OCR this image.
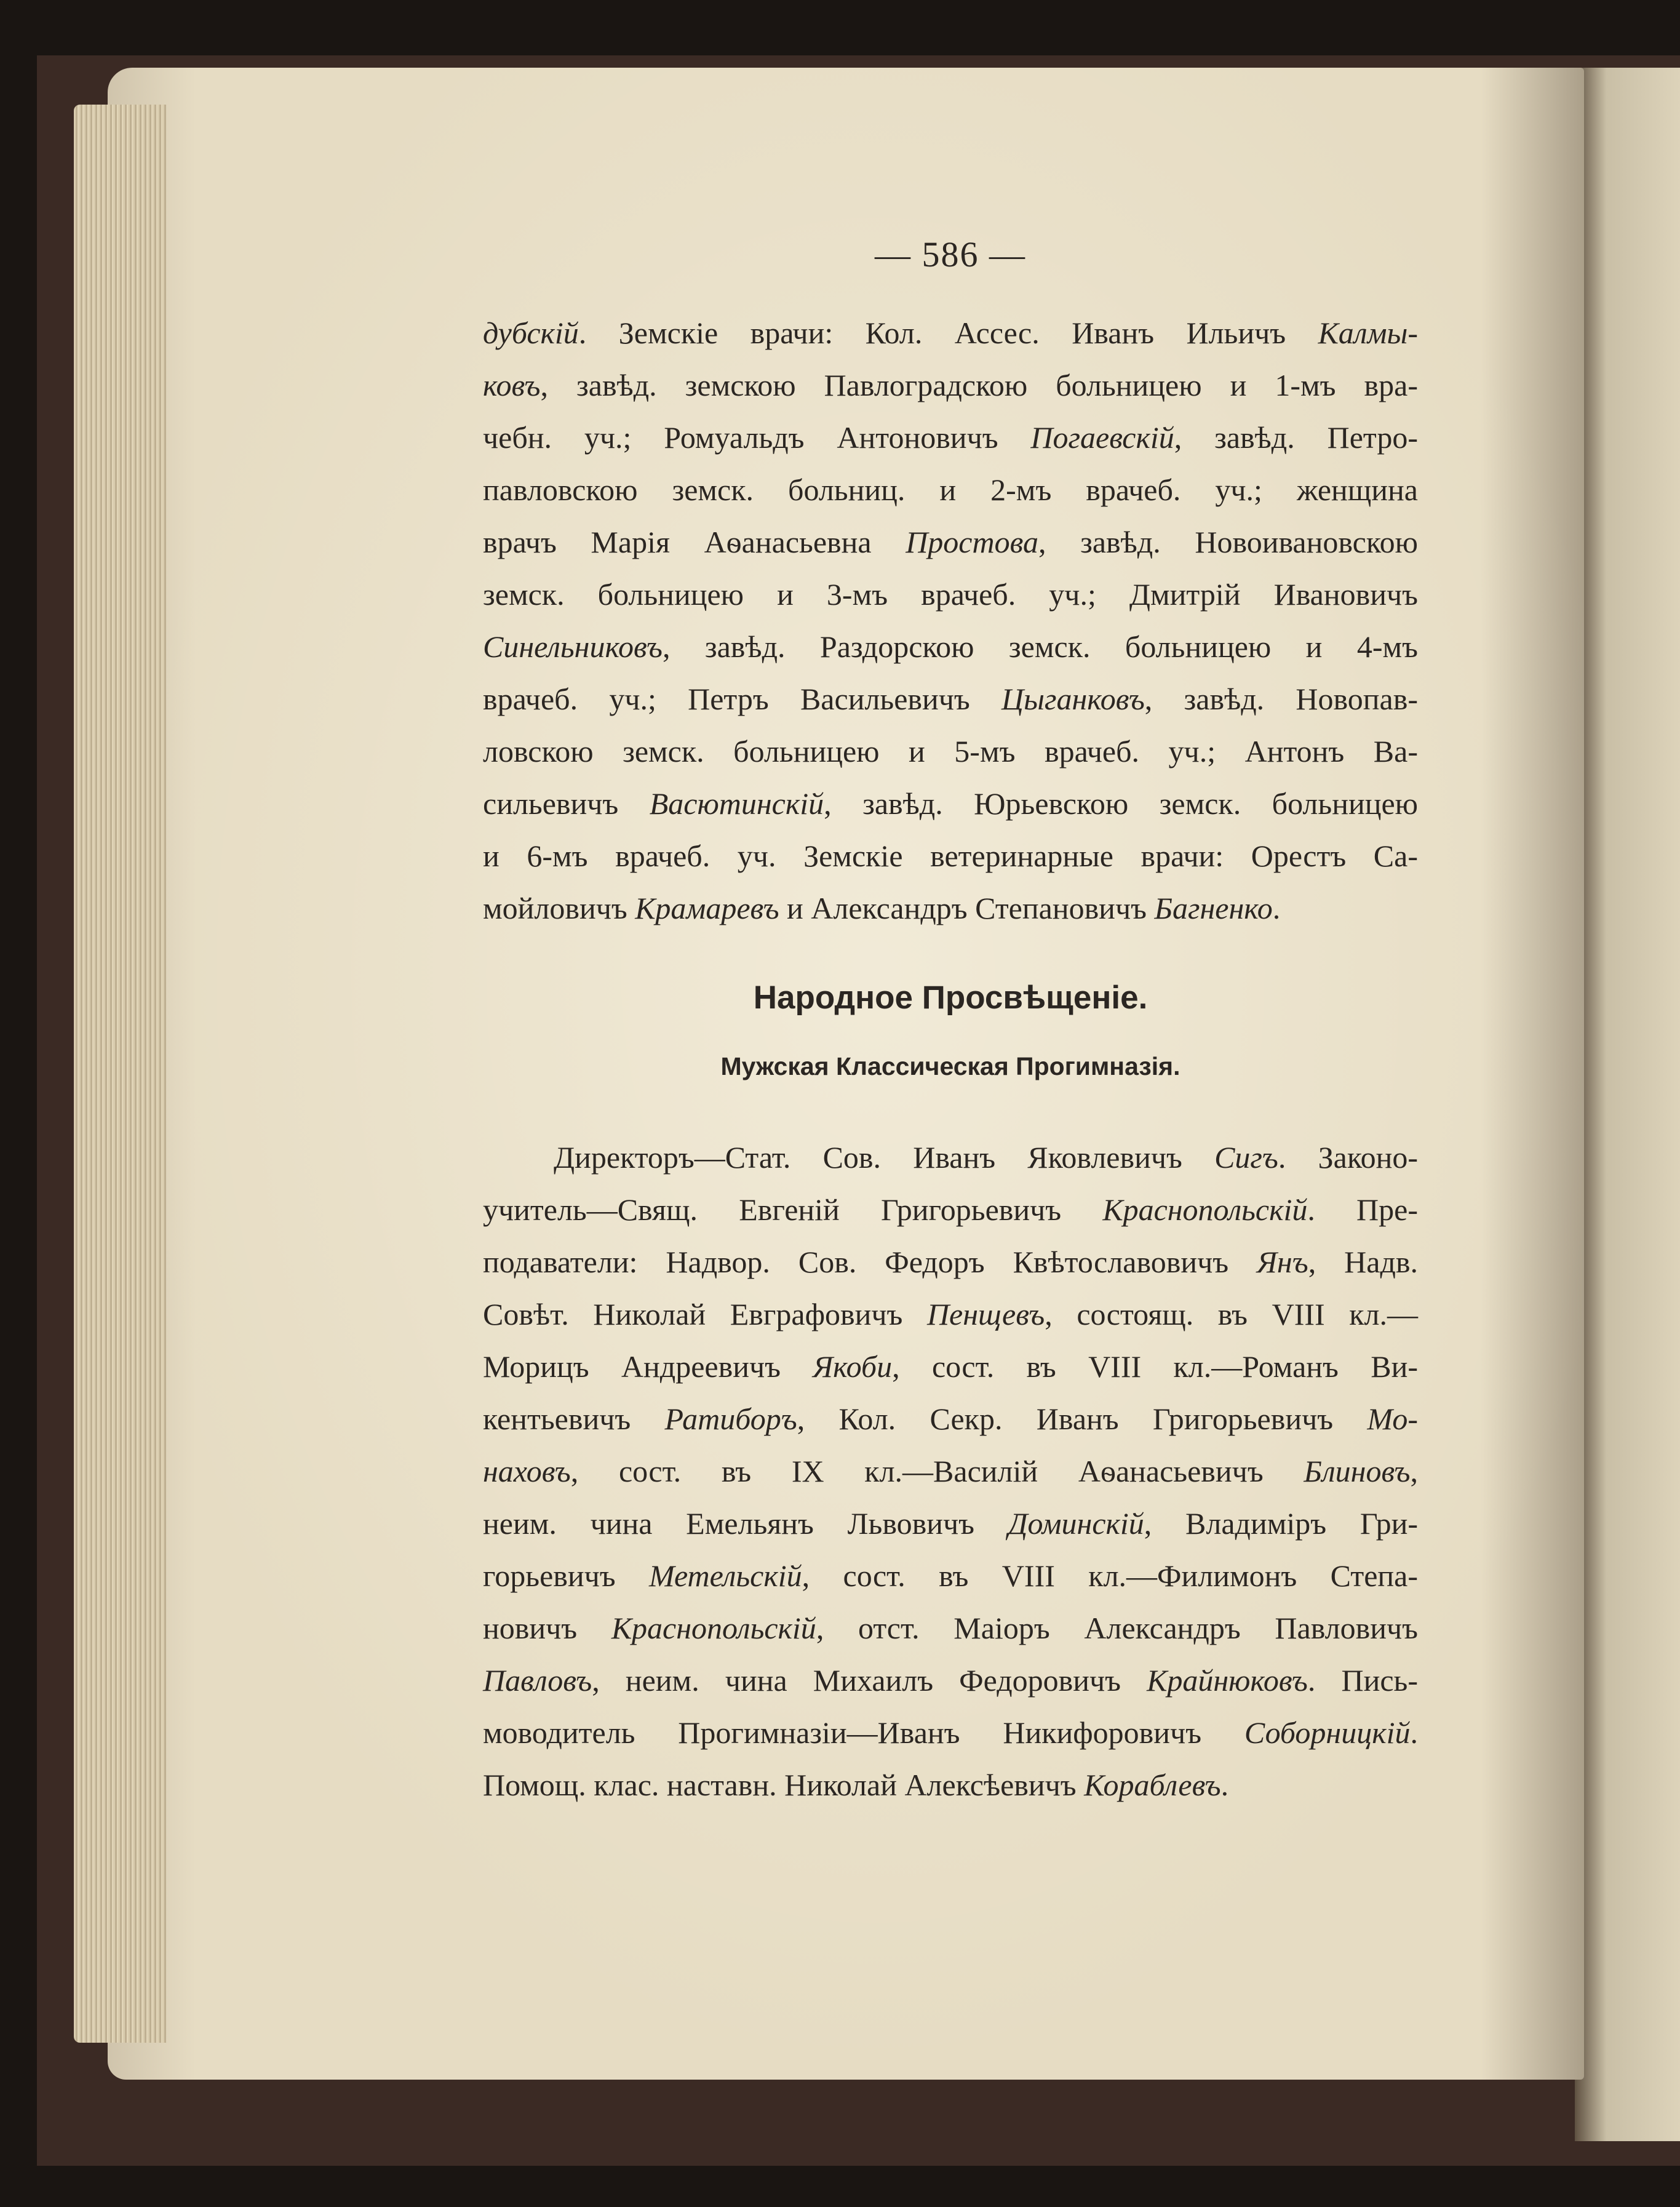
— 586 —
дубскій. Земскіе врачи: Кол. Ассес. Иванъ Ильичъ Калмы-
ковъ, завѣд. земскою Павлоградскою больницею и 1-мъ вра-
чебн. уч.; Ромуальдъ Антоновичъ Погаевскій, завѣд. Петро-
павловскою земск. больниц. и 2-мъ врачеб. уч.; женщина
врачъ Марія Аѳанасьевна Простова, завѣд. Новоивановскою
земск. больницею и 3-мъ врачеб. уч.; Дмитрій Ивановичъ
Синельниковъ, завѣд. Раздорскою земск. больницею и 4-мъ
врачеб. уч.; Петръ Васильевичъ Цыганковъ, завѣд. Новопав-
ловскою земск. больницею и 5-мъ врачеб. уч.; Антонъ Ва-
сильевичъ Васютинскій, завѣд. Юрьевскою земск. больницею
и 6-мъ врачеб. уч. Земскіе ветеринарные врачи: Орестъ Са-
мойловичъ Крамаревъ и Александръ Степановичъ Багненко.
Народное Просвѣщеніе.
Мужская Классическая Прогимназія.
Директоръ—Стат. Сов. Иванъ Яковлевичъ Сигъ. Законо-
учитель—Свящ. Евгеній Григорьевичъ Краснопольскій. Пре-
подаватели: Надвор. Сов. Федоръ Квѣтославовичъ Янъ, Надв.
Совѣт. Николай Евграфовичъ Пенщевъ, состоящ. въ VIII кл.—
Морицъ Андреевичъ Якоби, сост. въ VIII кл.—Романъ Ви-
кентьевичъ Ратиборъ, Кол. Секр. Иванъ Григорьевичъ Мо-
наховъ, сост. въ IX кл.—Василій Аѳанасьевичъ Блиновъ,
неим. чина Емельянъ Львовичъ Доминскій, Владиміръ Гри-
горьевичъ Метельскій, сост. въ VIII кл.—Филимонъ Степа-
новичъ Краснопольскій, отст. Маіоръ Александръ Павловичъ
Павловъ, неим. чина Михаилъ Федоровичъ Крайнюковъ. Пись-
моводитель Прогимназіи—Иванъ Никифоровичъ Соборницкій.
Помощ. клас. наставн. Николай Алексѣевичъ Кораблевъ.
